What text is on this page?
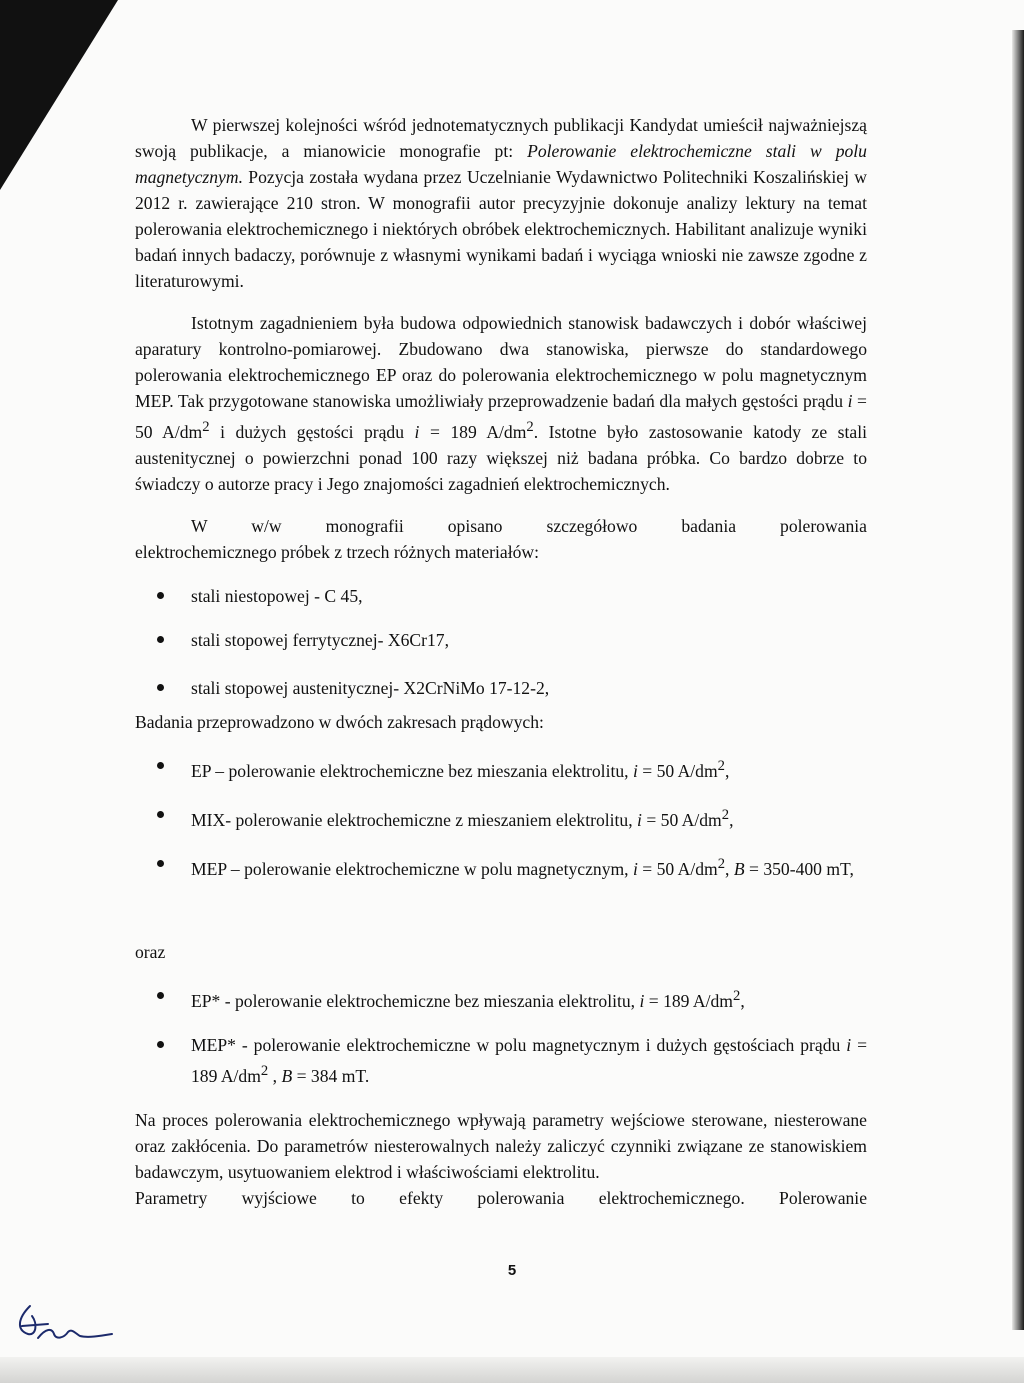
W pierwszej kolejności wśród jednotematycznych publikacji Kandydat umieścił najważniejszą swoją publikacje, a mianowicie monografie pt: Polerowanie elektrochemiczne stali w polu magnetycznym. Pozycja została wydana przez Uczelnianie Wydawnictwo Politechniki Koszalińskiej w 2012 r. zawierające 210 stron. W monografii autor precyzyjnie dokonuje analizy lektury na temat polerowania elektrochemicznego i niektórych obróbek elektrochemicznych. Habilitant analizuje wyniki badań innych badaczy, porównuje z własnymi wynikami badań i wyciąga wnioski nie zawsze zgodne z literaturowymi.

Istotnym zagadnieniem była budowa odpowiednich stanowisk badawczych i dobór właściwej aparatury kontrolno-pomiarowej. Zbudowano dwa stanowiska, pierwsze do standardowego polerowania elektrochemicznego EP oraz do polerowania elektrochemicznego w polu magnetycznym MEP. Tak przygotowane stanowiska umożliwiały przeprowadzenie badań dla małych gęstości prądu i = 50 $A/dm^2$ i dużych gęstości prądu i = 189 $A/dm^2$. Istotne było zastosowanie katody ze stali austenitycznej o powierzchni ponad 100 razy większej niż badana próbka. Co bardzo dobrze to świadczy o autorze pracy i Jego znajomości zagadnień elektrochemicznych.

W w/w monografii opisano szczegółowo badania polerowania

elektrochemicznego próbek z trzech różnych materiałów:

stali niestopowej - C 45,
stali stopowej ferrytycznej- X6Cr17,
stali stopowej austenitycznej- X2CrNiMo 17-12-2,

Badania przeprowadzono w dwóch zakresach prądowych:

EP – polerowanie elektrochemiczne bez mieszania elektrolitu, i = 50 $A/dm^2$,
MIX- polerowanie elektrochemiczne z mieszaniem elektrolitu, i = 50 $A/dm^2$,
MEP – polerowanie elektrochemiczne w polu magnetycznym, i = 50 $A/dm^2$, B = 350-400 mT,

oraz

EP* - polerowanie elektrochemiczne bez mieszania elektrolitu, i = 189 $A/dm^2$,
MEP* - polerowanie elektrochemiczne w polu magnetycznym i dużych gęstościach prądu i = 189 $A/dm^2$ , B = 384 mT.

Na proces polerowania elektrochemicznego wpływają parametry wejściowe sterowane, niesterowane oraz zakłócenia. Do parametrów niesterowalnych należy zaliczyć czynniki związane ze stanowiskiem badawczym, usytuowaniem elektrod i właściwościami elektrolitu.

Parametry wyjściowe to efekty polerowania elektrochemicznego. Polerowanie

5
